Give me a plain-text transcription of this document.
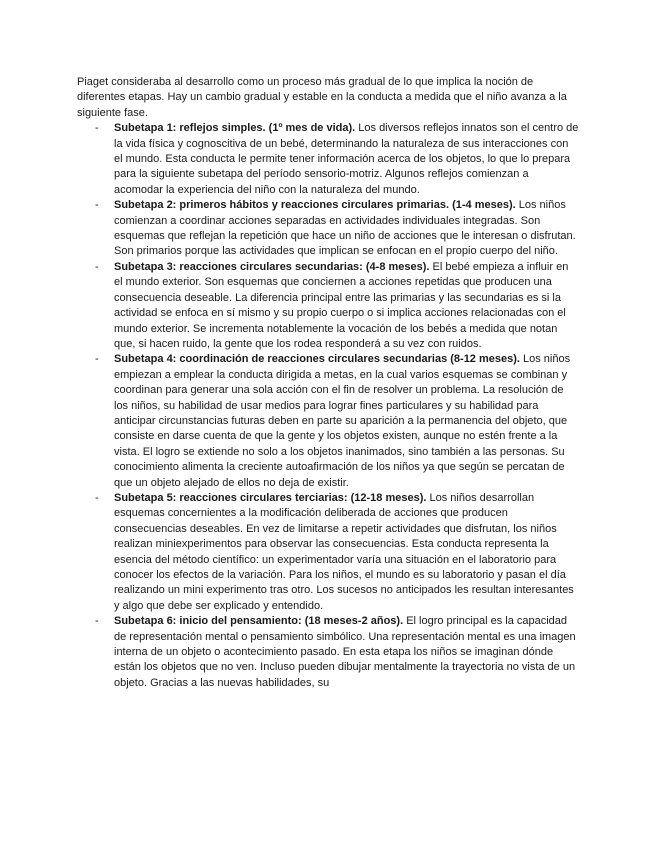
Piaget consideraba al desarrollo como un proceso más gradual de lo que implica la noción de diferentes etapas. Hay un cambio gradual y estable en la conducta a medida que el niño avanza a la siguiente fase.

- Subetapa 1: reflejos simples. (1º mes de vida). Los diversos reflejos innatos son el centro de la vida física y cognoscitiva de un bebé, determinando la naturaleza de sus interacciones con el mundo. Esta conducta le permite tener información acerca de los objetos, lo que lo prepara para la siguiente subetapa del período sensorio-motriz. Algunos reflejos comienzan a acomodar la experiencia del niño con la naturaleza del mundo.
- Subetapa 2: primeros hábitos y reacciones circulares primarias. (1-4 meses). Los niños comienzan a coordinar acciones separadas en actividades individuales integradas. Son esquemas que reflejan la repetición que hace un niño de acciones que le interesan o disfrutan. Son primarios porque las actividades que implican se enfocan en el propio cuerpo del niño.
- Subetapa 3: reacciones circulares secundarias: (4-8 meses). El bebé empieza a influir en el mundo exterior. Son esquemas que conciernen a acciones repetidas que producen una consecuencia deseable. La diferencia principal entre las primarias y las secundarias es si la actividad se enfoca en sí mismo y su propio cuerpo o si implica acciones relacionadas con el mundo exterior. Se incrementa notablemente la vocación de los bebés a medida que notan que, si hacen ruido, la gente que los rodea responderá a su vez con ruidos.
- Subetapa 4: coordinación de reacciones circulares secundarias (8-12 meses). Los niños empiezan a emplear la conducta dirigida a metas, en la cual varios esquemas se combinan y coordinan para generar una sola acción con el fin de resolver un problema. La resolución de los niños, su habilidad de usar medios para lograr fines particulares y su habilidad para anticipar circunstancias futuras deben en parte su aparición a la permanencia del objeto, que consiste en darse cuenta de que la gente y los objetos existen, aunque no estén frente a la vista. El logro se extiende no solo a los objetos inanimados, sino también a las personas. Su conocimiento alimenta la creciente autoafirmación de los niños ya que según se percatan de que un objeto alejado de ellos no deja de existir.
- Subetapa 5: reacciones circulares terciarias: (12-18 meses). Los niños desarrollan esquemas concernientes a la modificación deliberada de acciones que producen consecuencias deseables. En vez de limitarse a repetir actividades que disfrutan, los niños realizan miniexperimentos para observar las consecuencias. Esta conducta representa la esencia del método científico: un experimentador varía una situación en el laboratorio para conocer los efectos de la variación. Para los niños, el mundo es su laboratorio y pasan el día realizando un mini experimento tras otro. Los sucesos no anticipados les resultan interesantes y algo que debe ser explicado y entendido.
- Subetapa 6: inicio del pensamiento: (18 meses-2 años). El logro principal es la capacidad de representación mental o pensamiento simbólico. Una representación mental es una imagen interna de un objeto o acontecimiento pasado. En esta etapa los niños se imaginan dónde están los objetos que no ven. Incluso pueden dibujar mentalmente la trayectoria no vista de un objeto. Gracias a las nuevas habilidades, su
